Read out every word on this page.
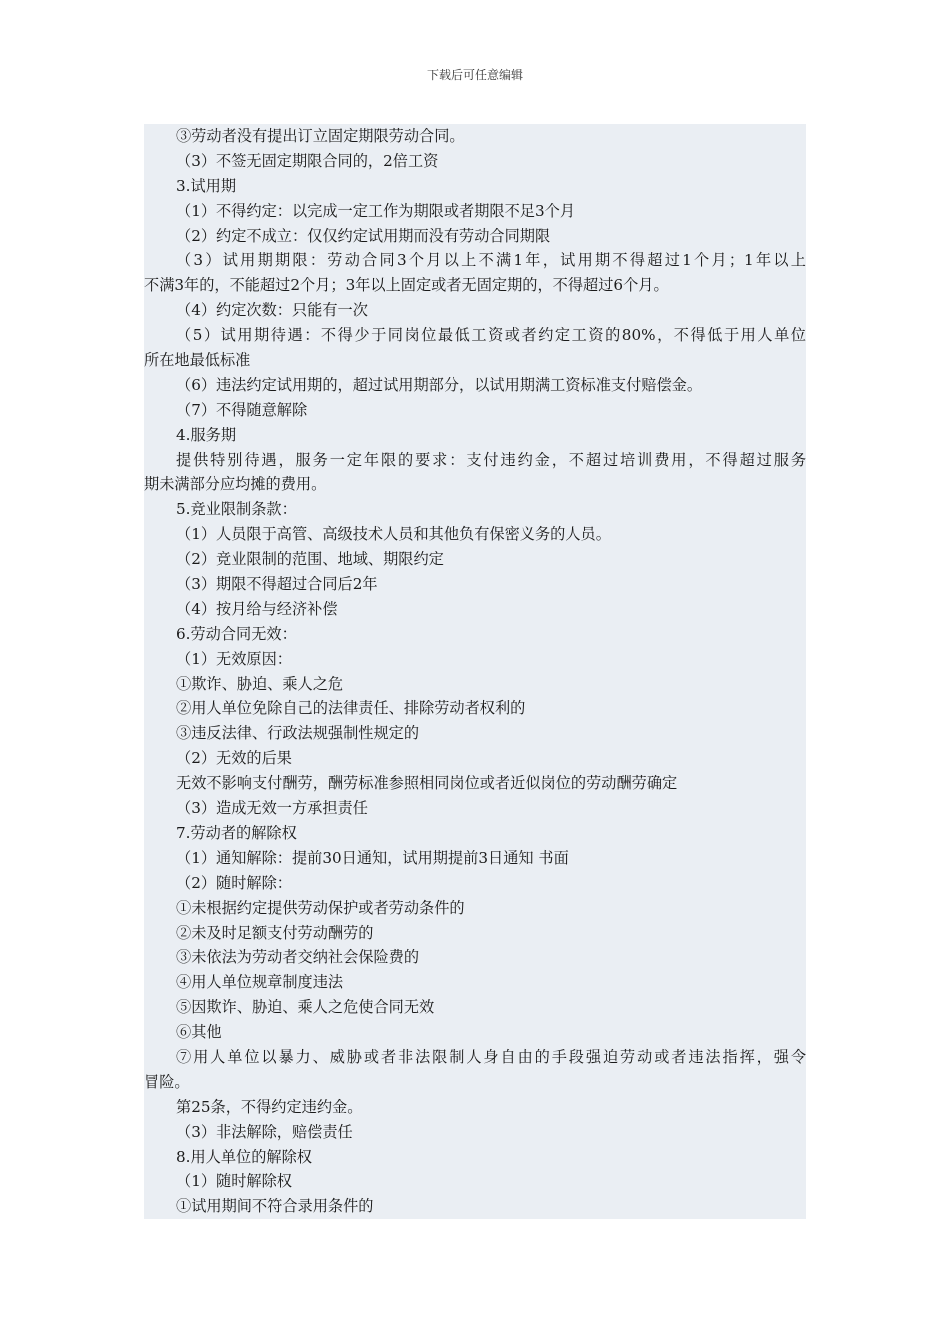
下载后可任意编辑
③劳动者没有提出订立固定期限劳动合同。
（3）不签无固定期限合同的，2倍工资
3.试用期
（1）不得约定：以完成一定工作为期限或者期限不足3个月
（2）约定不成立：仅仅约定试用期而没有劳动合同期限
（3）试用期期限：劳动合同3个月以上不满1年，试用期不得超过1个月；1年以上
不满3年的，不能超过2个月；3年以上固定或者无固定期的，不得超过6个月。
（4）约定次数：只能有一次
（5）试用期待遇：不得少于同岗位最低工资或者约定工资的80%，不得低于用人单位
所在地最低标准
（6）违法约定试用期的，超过试用期部分，以试用期满工资标准支付赔偿金。
（7）不得随意解除
4.服务期
提供特别待遇，服务一定年限的要求：支付违约金，不超过培训费用，不得超过服务
期未满部分应均摊的费用。
5.竞业限制条款：
（1）人员限于高管、高级技术人员和其他负有保密义务的人员。
（2）竞业限制的范围、地域、期限约定
（3）期限不得超过合同后2年
（4）按月给与经济补偿
6.劳动合同无效：
（1）无效原因：
①欺诈、胁迫、乘人之危
②用人单位免除自己的法律责任、排除劳动者权利的
③违反法律、行政法规强制性规定的
（2）无效的后果
无效不影响支付酬劳，酬劳标准参照相同岗位或者近似岗位的劳动酬劳确定
（3）造成无效一方承担责任
7.劳动者的解除权
（1）通知解除：提前30日通知，试用期提前3日通知 书面
（2）随时解除：
①未根据约定提供劳动保护或者劳动条件的
②未及时足额支付劳动酬劳的
③未依法为劳动者交纳社会保险费的
④用人单位规章制度违法
⑤因欺诈、胁迫、乘人之危使合同无效
⑥其他
⑦用人单位以暴力、威胁或者非法限制人身自由的手段强迫劳动或者违法指挥，强令
冒险。
第25条，不得约定违约金。
（3）非法解除，赔偿责任
8.用人单位的解除权
（1）随时解除权
①试用期间不符合录用条件的
